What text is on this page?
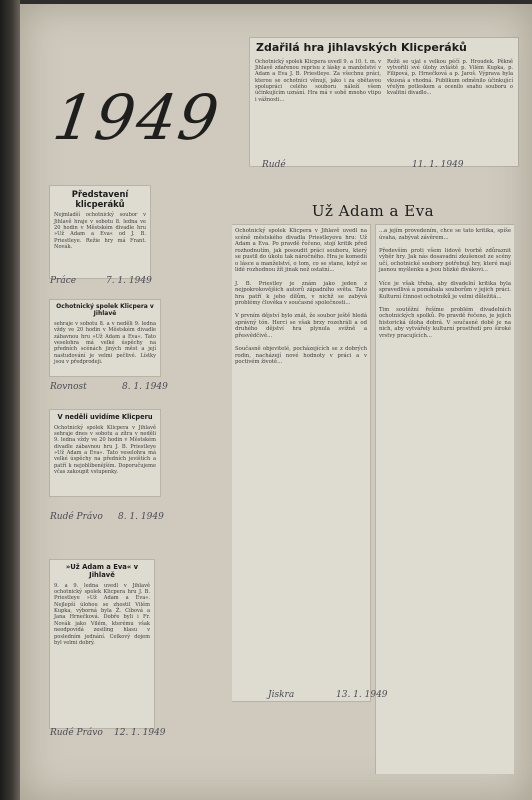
1949
Zdařilá hra jihlavských Klicperáků
Ochotnický spolek Klicpera uvedl 9. a 10. t. m. v Jihlavě zdařenou reprisu z lásky a manželství v Adam a Eva J. B. Priestleye. Za všechnu práci, kterou se ochotníci věnují, jako i za obětavou spolupráci celého souboru náleží všem účinkujícím uznání. Hra má v sobě mnoho vtipu i vážnosti...
Režii se ujal s velkou péčí p. Hroudek. Pěkně vytvořili své úlohy zvláště p. Vilém Kupka, p. Filipová, p. Hrnečková a p. Jaroš. Výprava byla vkusná a vhodná. Publikum odměnilo účinkující vřelým potleskem a ocenilo snahu souboru o kvalitní divadlo...
Rudé	11. 1. 1949
Představení klicperáků
Nejmladší ochotnický soubor v Jihlavě hraje v sobotu 8. ledna ve 20 hodin v Městském divadle hru »Už Adam a Eva« od J. B. Priestleye. Režie hry má Frant. Novák.
Práce	7. 1. 1949
Ochotnický spolek Klicpera v Jihlavě
sehraje v sobotu 8. a v neděli 9. ledna vždy ve 20 hodin v Městském divadle zábavnou hru »Už Adam a Eva«. Tato veselohra má velké úspěchy na předních scénách jiných měst a její nastudování je velmi pečlivé. Lístky jsou v předprodeji.
Rovnost	8. 1. 1949
V neděli uvidíme Klicperu
Ochotnický spolek Klicpera v Jihlavě sehraje dnes v sobotu a zítra v neděli 9. ledna vždy ve 20 hodin v Městském divadle zábavnou hru J. B. Priestleye »Už Adam a Eva«. Tato veselohra má velké úspěchy na předních jevištích a patří k nejoblíbenějším. Doporučujeme včas zakoupit vstupenky.
Rudé Právo 8. 1. 1949
»Už Adam a Eva« v Jihlavě
9. a 9. ledna uvedl v Jihlavě ochotnický spolek Klicpera hru J. B. Priestleye »Už Adam a Eva«. Nejlepší úlohou se zhostil Vilém Kupka, výborná byla Ž. Cíbová a Jana Hrnečková. Dobře byli i Fr. Novák jako Vilém, kterému však neodpovídá zesiling hlasu v posledním jednání. Celkový dojem byl velmi dobrý.
Rudé Právo 12. 1. 1949
Už Adam a Eva
Ochotnický spolek Klicpera v Jihlavě uvedl na scéně městského divadla Priestleyovu hru: Už Adam a Eva. Po pravdě řečeno, stojí kritik před rozhodnutím, jak posoudit práci souboru, který se pustil do úkolu tak náročného. Hra je komedií o lásce a manželství, o tom, co se stane, když se lidé rozhodnou žít jinak než ostatní...

J. B. Priestley je znám jako jeden z nejpokrokovějších autorů západního světa. Tato hra patří k jeho dílům, v nichž se zabývá problémy člověka v současné společnosti...

V prvním dějství bylo znát, že soubor ještě hledá správný tón. Herci se však brzy rozehráli a od druhého dějství hra plynula svižně a přesvědčivě...

Současně objevitelé, pocházejících se z dobrých rodin, nacházejí nové hodnoty v práci a v poctivém životě...
...a jejím provedením, chce se tato kritika, spíše úvaha, zabývat závěrem...

Především proti všem lidově tvorbě zdůraznit výběr hry. Jak nás dosavadní zkušenost ze scény učí, ochotnické soubory potřebují hry, které mají jasnou myšlenku a jsou blízké divákovi...

Více je však třeba, aby divadelní kritika byla spravedlivá a pomáhala souborům v jejich práci. Kulturní činnost ochotníků je velmi důležitá...

Tim soutěžní řešíme problém divadelních ochotnických spolků. Po pravdě řečeno, je jejich historická úloha dobrá. V současné době je na nich, aby vytvářely kulturní prostředí pro široké vrstvy pracujících...
Jiskra	13. 1. 1949
